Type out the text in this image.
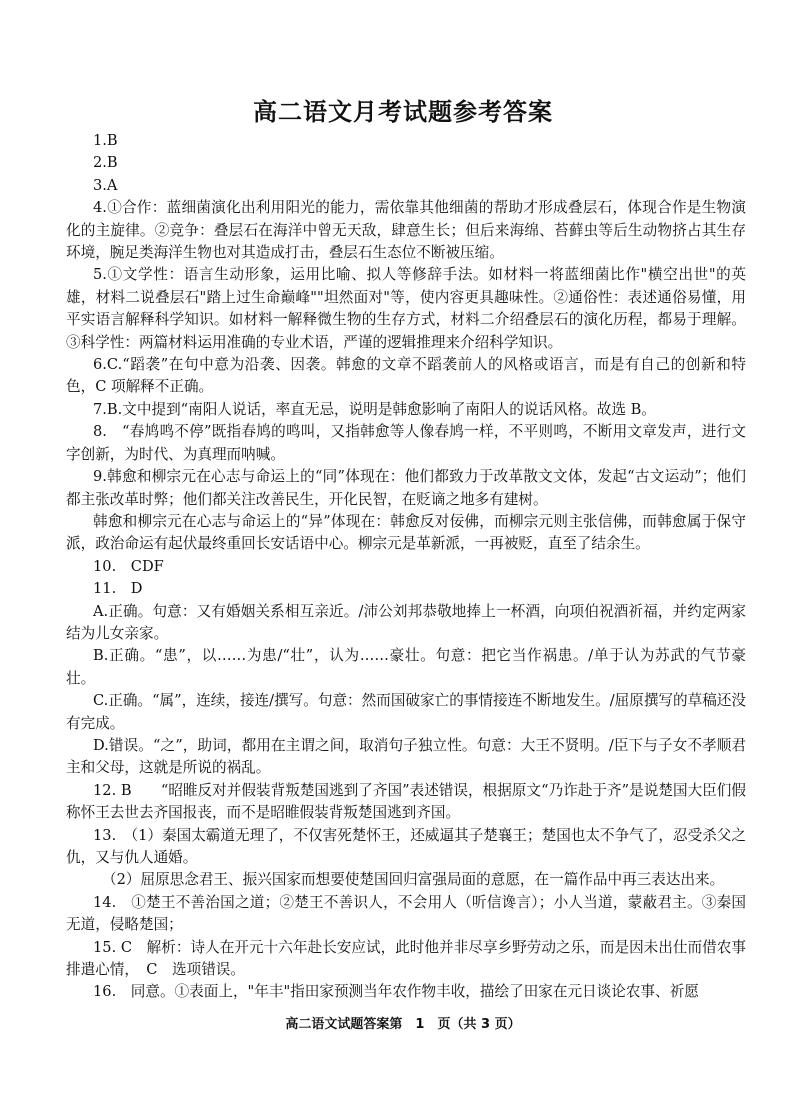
高二语文月考试题参考答案

1.B

2.B

3.A

4.①合作：蓝细菌演化出利用阳光的能力，需依靠其他细菌的帮助才形成叠层石，体现合作是生物演化的主旋律。②竞争：叠层石在海洋中曾无天敌，肆意生长；但后来海绵、苔藓虫等后生动物挤占其生存环境，腕足类海洋生物也对其造成打击，叠层石生态位不断被压缩。

5.①文学性：语言生动形象，运用比喻、拟人等修辞手法。如材料一将蓝细菌比作"横空出世"的英雄，材料二说叠层石"踏上过生命巅峰""坦然面对"等，使内容更具趣味性。②通俗性：表述通俗易懂，用平实语言解释科学知识。如材料一解释微生物的生存方式，材料二介绍叠层石的演化历程，都易于理解。③科学性：两篇材料运用准确的专业术语，严谨的逻辑推理来介绍科学知识。

6.C.“蹈袭”在句中意为沿袭、因袭。韩愈的文章不蹈袭前人的风格或语言，而是有自己的创新和特色，C 项解释不正确。

7.B.文中提到“南阳人说话，率直无忌，说明是韩愈影响了南阳人的说话风格。故选 B。

8.　“春鸠鸣不停”既指春鸠的鸣叫，又指韩愈等人像春鸠一样，不平则鸣，不断用文章发声，进行文字创新，为时代、为真理而呐喊。

9.韩愈和柳宗元在心志与命运上的“同”体现在：他们都致力于改革散文文体，发起“古文运动”；他们都主张改革时弊；他们都关注改善民生，开化民智，在贬谪之地多有建树。

韩愈和柳宗元在心志与命运上的“异”体现在：韩愈反对佞佛，而柳宗元则主张信佛，而韩愈属于保守派，政治命运有起伏最终重回长安话语中心。柳宗元是革新派，一再被贬，直至了结余生。

10.　CDF

11.　D

A.正确。句意：又有婚姻关系相互亲近。/沛公刘邦恭敬地捧上一杯酒，向项伯祝酒祈福，并约定两家结为儿女亲家。

B.正确。“患”，以……为患/“壮”，认为……豪壮。句意：把它当作祸患。/单于认为苏武的气节豪壮。

C.正确。“属”，连续，接连/撰写。句意：然而国破家亡的事情接连不断地发生。/屈原撰写的草稿还没有完成。

D.错误。“之”，助词，都用在主谓之间，取消句子独立性。句意：大王不贤明。/臣下与子女不孝顺君主和父母，这就是所说的祸乱。

12. B　　“昭睢反对并假装背叛楚国逃到了齐国”表述错误，根据原文“乃诈赴于齐”是说楚国大臣们假称怀王去世去齐国报丧，而不是昭睢假装背叛楚国逃到齐国。

13.　（1）秦国太霸道无理了，不仅害死楚怀王，还威逼其子楚襄王；楚国也太不争气了，忍受杀父之仇，又与仇人通婚。

（2）屈原思念君王、振兴国家而想要使楚国回归富强局面的意愿，在一篇作品中再三表达出来。

14.　①楚王不善治国之道；②楚王不善识人，不会用人（听信谗言）；小人当道，蒙蔽君主。③秦国无道，侵略楚国；

15. C　解析：诗人在开元十六年赴长安应试，此时他并非尽享乡野劳动之乐，而是因未出仕而借农事排遣心情，　C　选项错误。

16.　同意。①表面上，"年丰"指田家预测当年农作物丰收，描绘了田家在元日谈论农事、祈愿

高二语文试题答案第　1　页（共 3 页）
